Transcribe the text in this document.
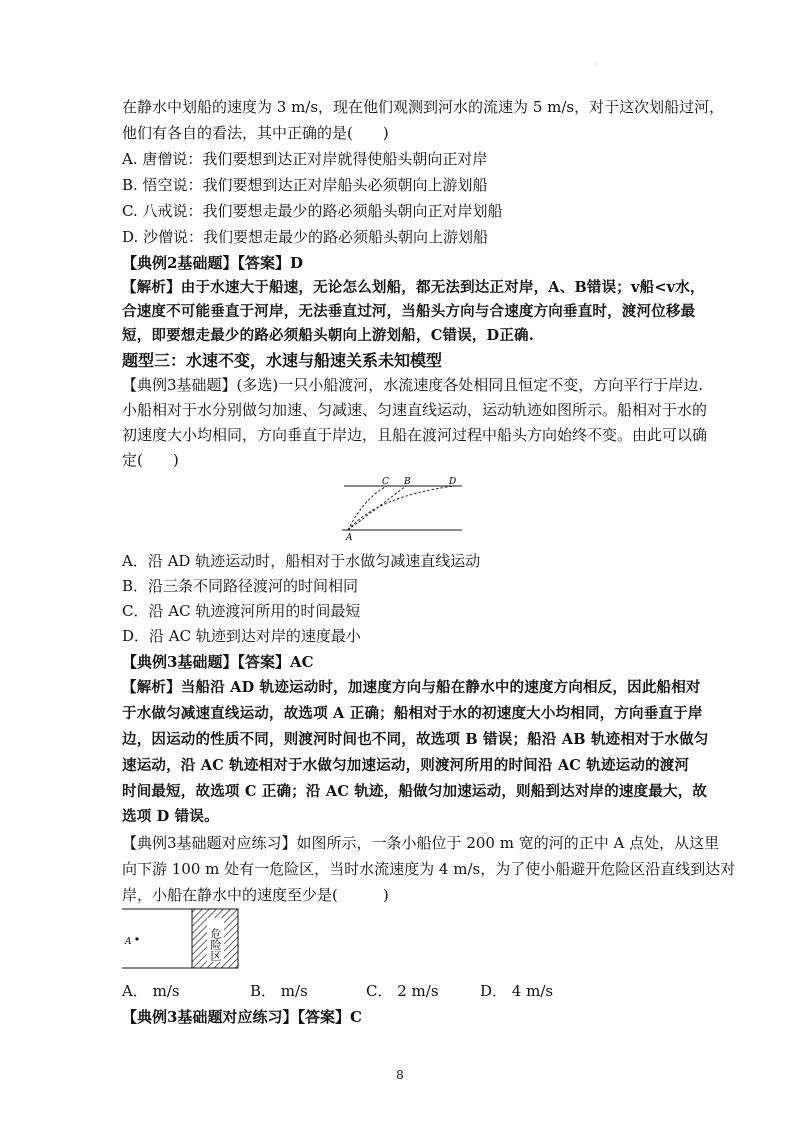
·
在静水中划船的速度为 3 m/s，现在他们观测到河水的流速为 5 m/s，对于这次划船过河，
他们有各自的看法，其中正确的是(　　)
A. 唐僧说：我们要想到达正对岸就得使船头朝向正对岸
B. 悟空说：我们要想到达正对岸船头必须朝向上游划船
C. 八戒说：我们要想走最少的路必须船头朝向正对岸划船
D. 沙僧说：我们要想走最少的路必须船头朝向上游划船
【典例2基础题】【答案】D
【解析】由于水速大于船速，无论怎么划船，都无法到达正对岸，A、B错误；v船<v水，
合速度不可能垂直于河岸，无法垂直过河，当船头方向与合速度方向垂直时，渡河位移最
短，即要想走最少的路必须船头朝向上游划船，C错误，D正确.
题型三：水速不变，水速与船速关系未知模型
【典例3基础题】(多选)一只小船渡河，水流速度各处相同且恒定不变，方向平行于岸边.
小船相对于水分别做匀加速、匀减速、匀速直线运动，运动轨迹如图所示。船相对于水的
初速度大小均相同，方向垂直于岸边，且船在渡河过程中船头方向始终不变。由此可以确
定(　　)
C B	D
A
A．沿 AD 轨迹运动时，船相对于水做匀减速直线运动
B．沿三条不同路径渡河的时间相同
C．沿 AC 轨迹渡河所用的时间最短
D．沿 AC 轨迹到达对岸的速度最小
【典例3基础题】【答案】AC
【解析】当船沿 AD 轨迹运动时，加速度方向与船在静水中的速度方向相反，因此船相对
于水做匀减速直线运动，故选项 A 正确；船相对于水的初速度大小均相同，方向垂直于岸
边，因运动的性质不同，则渡河时间也不同，故选项 B 错误；船沿 AB 轨迹相对于水做匀
速运动，沿 AC 轨迹相对于水做匀加速运动，则渡河所用的时间沿 AC 轨迹运动的渡河
时间最短，故选项 C 正确；沿 AC 轨迹，船做匀加速运动，则船到达对岸的速度最大，故
选项 D 错误。
【典例3基础题对应练习】如图所示，一条小船位于 200 m 宽的河的正中 A 点处，从这里
向下游 100 m 处有一危险区，当时水流速度为 4 m/s，为了使小船避开危险区沿直线到达对
岸，小船在静水中的速度至少是(　　　)
危险区
A
A． m/s	B． m/s	C． 2 m/s	D． 4 m/s
【典例3基础题对应练习】【答案】C
8
